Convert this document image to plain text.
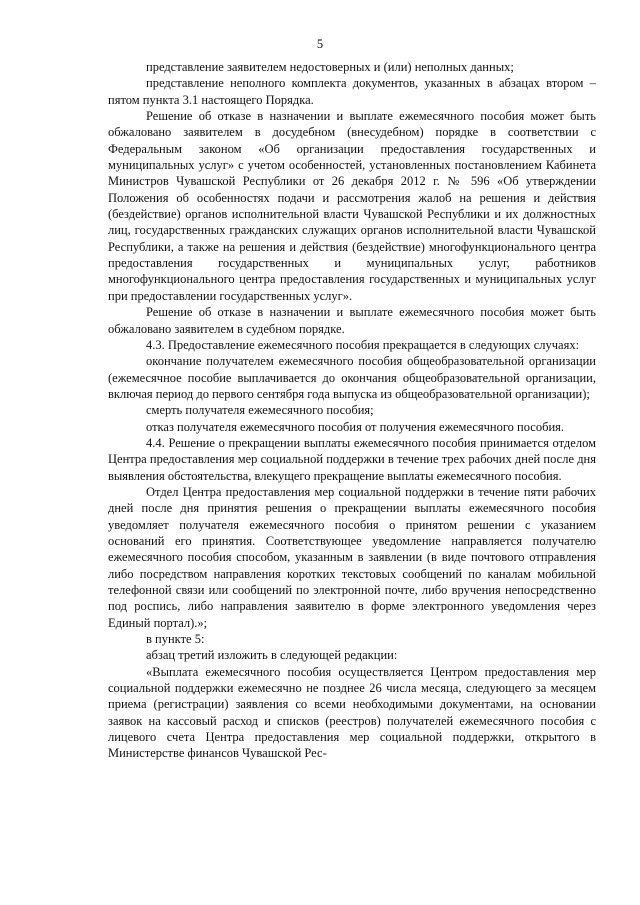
5

представление заявителем недостоверных и (или) неполных данных;

представление неполного комплекта документов, указанных в абзацах втором – пятом пункта 3.1 настоящего Порядка.

Решение об отказе в назначении и выплате ежемесячного пособия может быть обжаловано заявителем в досудебном (внесудебном) порядке в соответствии с Федеральным законом «Об организации предоставления государственных и муниципальных услуг» с учетом особенностей, установленных постановлением Кабинета Министров Чувашской Республики от 26 декабря 2012 г. № 596 «Об утверждении Положения об особенностях подачи и рассмотрения жалоб на решения и действия (бездействие) органов исполнительной власти Чувашской Республики и их должностных лиц, государственных гражданских служащих органов исполнительной власти Чувашской Республики, а также на решения и действия (бездействие) многофункционального центра предоставления государственных и муниципальных услуг, работников многофункционального центра предоставления государственных и муниципальных услуг при предоставлении государственных услуг».

Решение об отказе в назначении и выплате ежемесячного пособия может быть обжаловано заявителем в судебном порядке.

4.3. Предоставление ежемесячного пособия прекращается в следующих случаях:

окончание получателем ежемесячного пособия общеобразовательной организации (ежемесячное пособие выплачивается до окончания общеобразовательной организации, включая период до первого сентября года выпуска из общеобразовательной организации);

смерть получателя ежемесячного пособия;

отказ получателя ежемесячного пособия от получения ежемесячного пособия.

4.4. Решение о прекращении выплаты ежемесячного пособия принимается отделом Центра предоставления мер социальной поддержки в течение трех рабочих дней после дня выявления обстоятельства, влекущего прекращение выплаты ежемесячного пособия.

Отдел Центра предоставления мер социальной поддержки в течение пяти рабочих дней после дня принятия решения о прекращении выплаты ежемесячного пособия уведомляет получателя ежемесячного пособия о принятом решении с указанием оснований его принятия. Соответствующее уведомление направляется получателю ежемесячного пособия способом, указанным в заявлении (в виде почтового отправления либо посредством направления коротких текстовых сообщений по каналам мобильной телефонной связи или сообщений по электронной почте, либо вручения непосредственно под роспись, либо направления заявителю в форме электронного уведомления через Единый портал).»;

в пункте 5:

абзац третий изложить в следующей редакции:

«Выплата ежемесячного пособия осуществляется Центром предоставления мер социальной поддержки ежемесячно не позднее 26 числа месяца, следующего за месяцем приема (регистрации) заявления со всеми необходимыми документами, на основании заявок на кассовый расход и списков (реестров) получателей ежемесячного пособия с лицевого счета Центра предоставления мер социальной поддержки, открытого в Министерстве финансов Чувашской Рес-
